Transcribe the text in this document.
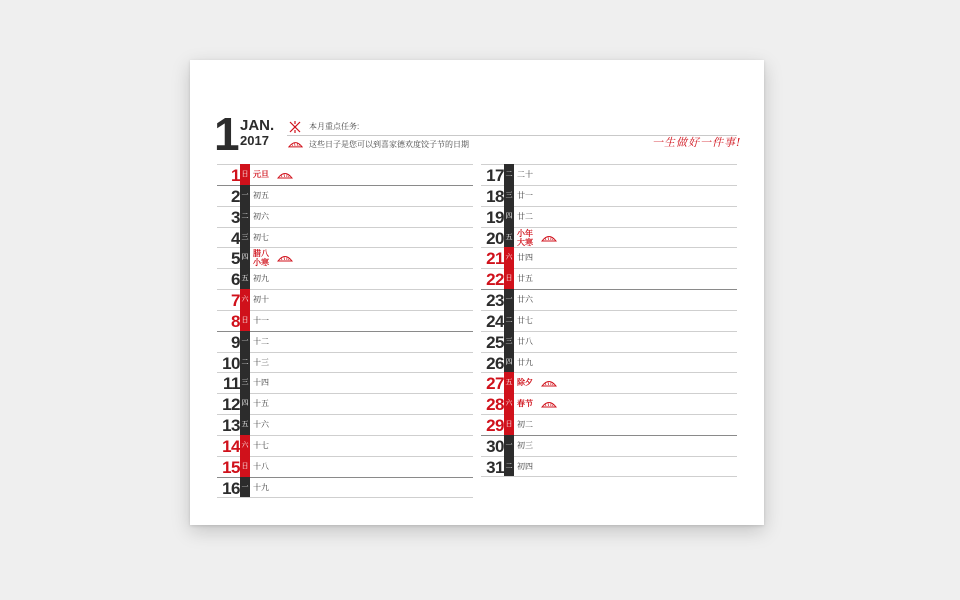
1 JAN.
2017
本月重点任务:
这些日子是您可以到喜家德欢度饺子节的日期	一生做好一件事!
1 日 元旦
2 一 初五
3 二 初六
4 三 初七
5 四 腊八 小寒
6 五 初九
7 六 初十
8 日 十一
9 一 十二
10 二 十三
11 三 十四
12 四 十五
13 五 十六
14 六 十七
15 日 十八
16 一 十九
17 二 二十
18 三 廿一
19 四 廿二
20 五 小年 大寒
21 六 廿四
22 日 廿五
23 一 廿六
24 二 廿七
25 三 廿八
26 四 廿九
27 五 除夕
28 六 春节
29 日 初二
30 一 初三
31 二 初四
